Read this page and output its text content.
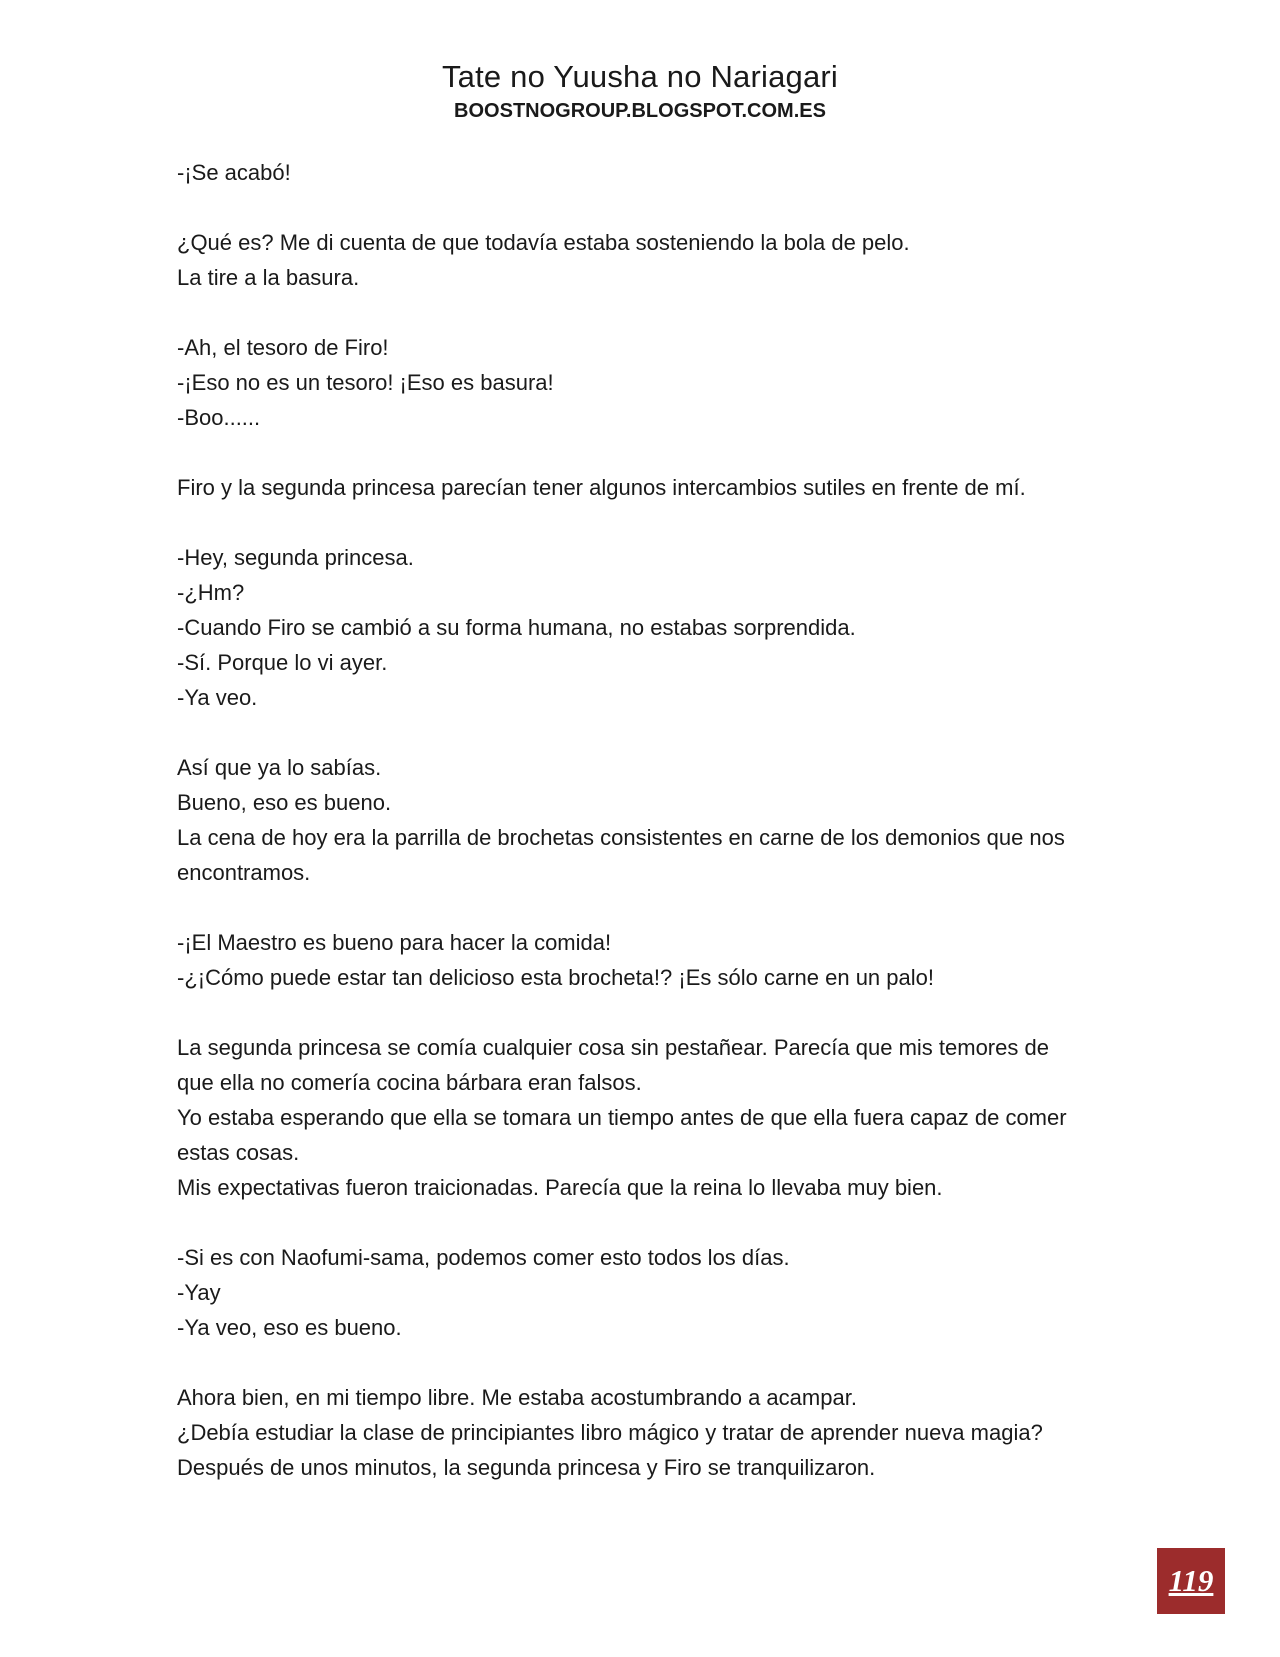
Tate no Yuusha no Nariagari
BOOSTNOGROUP.BLOGSPOT.COM.ES
-¡Se acabó!
¿Qué es? Me di cuenta de que todavía estaba sosteniendo la bola de pelo.
La tire a la basura.
-Ah, el tesoro de Firo!
-¡Eso no es un tesoro! ¡Eso es basura!
-Boo......
Firo y la segunda princesa parecían tener algunos intercambios sutiles en frente de mí.
-Hey, segunda princesa.
-¿Hm?
-Cuando Firo se cambió a su forma humana, no estabas sorprendida.
-Sí. Porque lo vi ayer.
-Ya veo.
Así que ya lo sabías.
Bueno, eso es bueno.
La cena de hoy era la parrilla de brochetas consistentes en carne de los demonios que nos
encontramos.
-¡El Maestro es bueno para hacer la comida!
-¿¡Cómo puede estar tan delicioso esta brocheta!? ¡Es sólo carne en un palo!
La segunda princesa se comía cualquier cosa sin pestañear. Parecía que mis temores de
que ella no comería cocina bárbara eran falsos.
Yo estaba esperando que ella se tomara un tiempo antes de que ella fuera capaz de comer
estas cosas.
Mis expectativas fueron traicionadas. Parecía que la reina lo llevaba muy bien.
-Si es con Naofumi-sama, podemos comer esto todos los días.
-Yay
-Ya veo, eso es bueno.
Ahora bien, en mi tiempo libre. Me estaba acostumbrando a acampar.
¿Debía estudiar la clase de principiantes libro mágico y tratar de aprender nueva magia?
Después de unos minutos, la segunda princesa y Firo se tranquilizaron.
119
